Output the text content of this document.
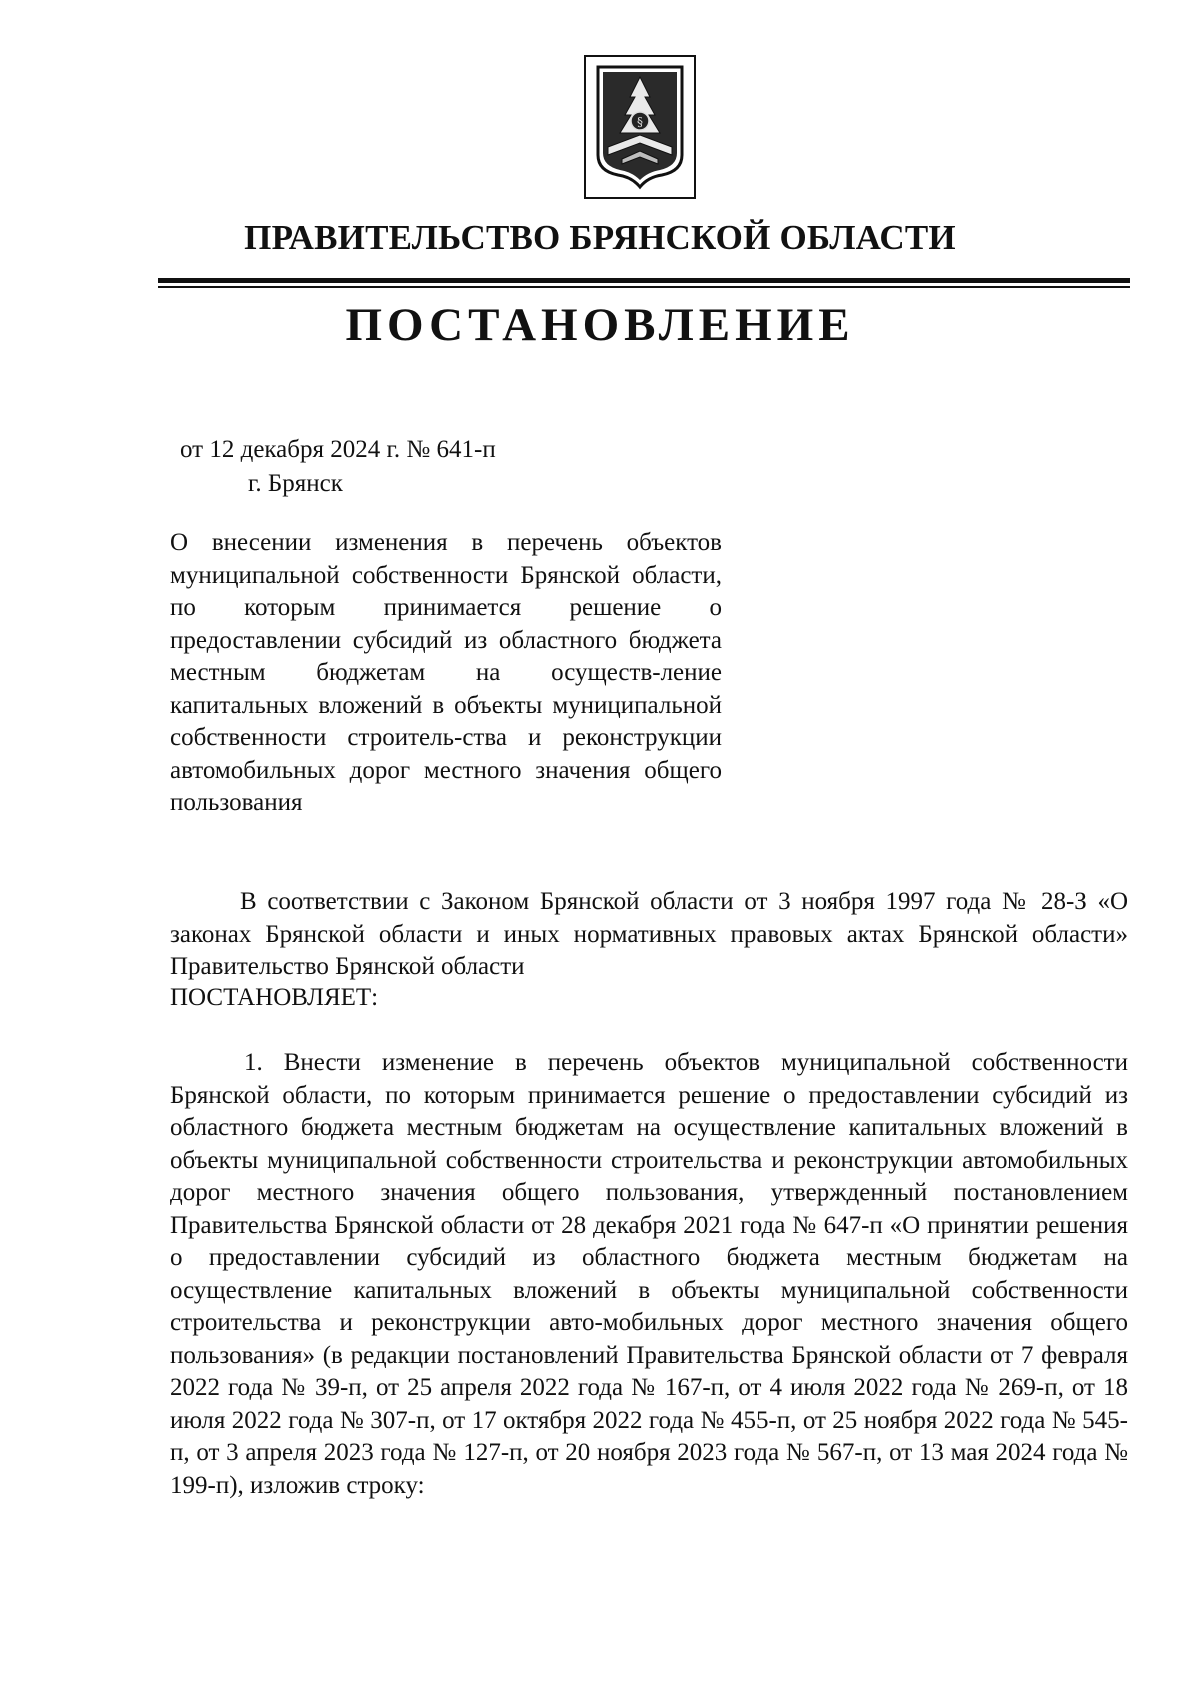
§
ПРАВИТЕЛЬСТВО БРЯНСКОЙ ОБЛАСТИ
ПОСТАНОВЛЕНИЕ
от 12 декабря 2024 г. № 641-п
г. Брянск

О внесении изменения в перечень объектов муниципальной собственности Брянской области, по которым принимается решение о предоставлении субсидий из областного бюджета местным бюджетам на осуществ-ление капитальных вложений в объекты муниципальной собственности строитель-ства и реконструкции автомобильных дорог местного значения общего пользования

В соответствии с Законом Брянской области от 3 ноября 1997 года № 28-З «О законах Брянской области и иных нормативных правовых актах Брянской области» Правительство Брянской области

ПОСТАНОВЛЯЕТ:

1. Внести изменение в перечень объектов муниципальной собственности Брянской области, по которым принимается решение о предоставлении субсидий из областного бюджета местным бюджетам на осуществление капитальных вложений в объекты муниципальной собственности строительства и реконструкции автомобильных дорог местного значения общего пользования, утвержденный постановлением Правительства Брянской области от 28 декабря 2021 года № 647-п «О принятии решения о предоставлении субсидий из областного бюджета местным бюджетам на осуществление капитальных вложений в объекты муниципальной собственности строительства и реконструкции авто-мобильных дорог местного значения общего пользования» (в редакции постановлений Правительства Брянской области от 7 февраля 2022 года № 39-п, от 25 апреля 2022 года № 167-п, от 4 июля 2022 года № 269-п, от 18 июля 2022 года № 307-п, от 17 октября 2022 года № 455-п, от 25 ноября 2022 года № 545-п, от 3 апреля 2023 года № 127-п, от 20 ноября 2023 года № 567-п, от 13 мая 2024 года № 199-п), изложив строку:
